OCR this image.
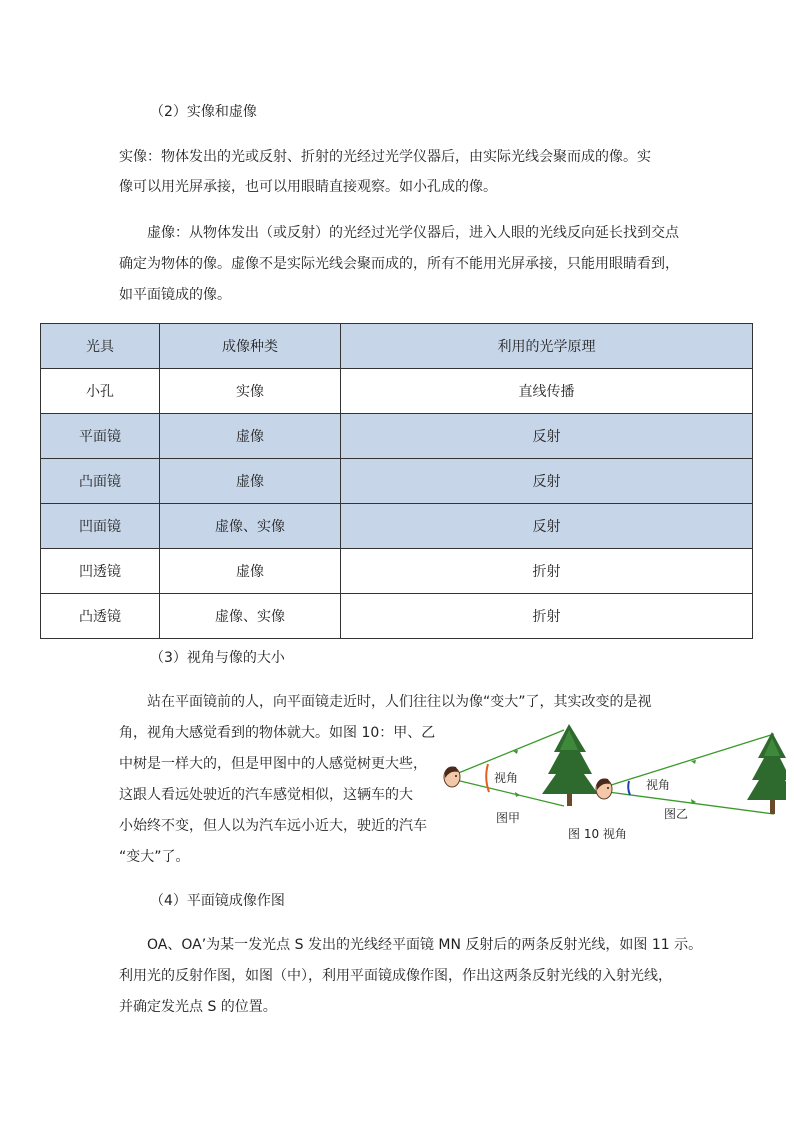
（2）实像和虚像
实像：物体发出的光或反射、折射的光经过光学仪器后，由实际光线会聚而成的像。实
像可以用光屏承接，也可以用眼睛直接观察。如小孔成的像。
虚像：从物体发出（或反射）的光经过光学仪器后，进入人眼的光线反向延长找到交点
确定为物体的像。虚像不是实际光线会聚而成的，所有不能用光屏承接，只能用眼睛看到，
如平面镜成的像。
光具	成像种类	利用的光学原理
小孔	实像	直线传播
平面镜	虚像	反射
凸面镜	虚像	反射
凹面镜	虚像、实像	反射
凹透镜	虚像	折射
凸透镜	虚像、实像	折射
（3）视角与像的大小
站在平面镜前的人，向平面镜走近时，人们往往以为像“变大”了，其实改变的是视
角，视角大感觉看到的物体就大。如图 10：甲、乙
中树是一样大的，但是甲图中的人感觉树更大些，
这跟人看远处驶近的汽车感觉相似，这辆车的大
小始终不变，但人以为汽车远小近大，驶近的汽车
“变大”了。
视角
图甲
视角
图乙
图 10 视角
（4）平面镜成像作图
OA、OA’为某一发光点 S 发出的光线经平面镜 MN 反射后的两条反射光线，如图 11 示。
利用光的反射作图，如图（中），利用平面镜成像作图，作出这两条反射光线的入射光线，
并确定发光点 S 的位置。
